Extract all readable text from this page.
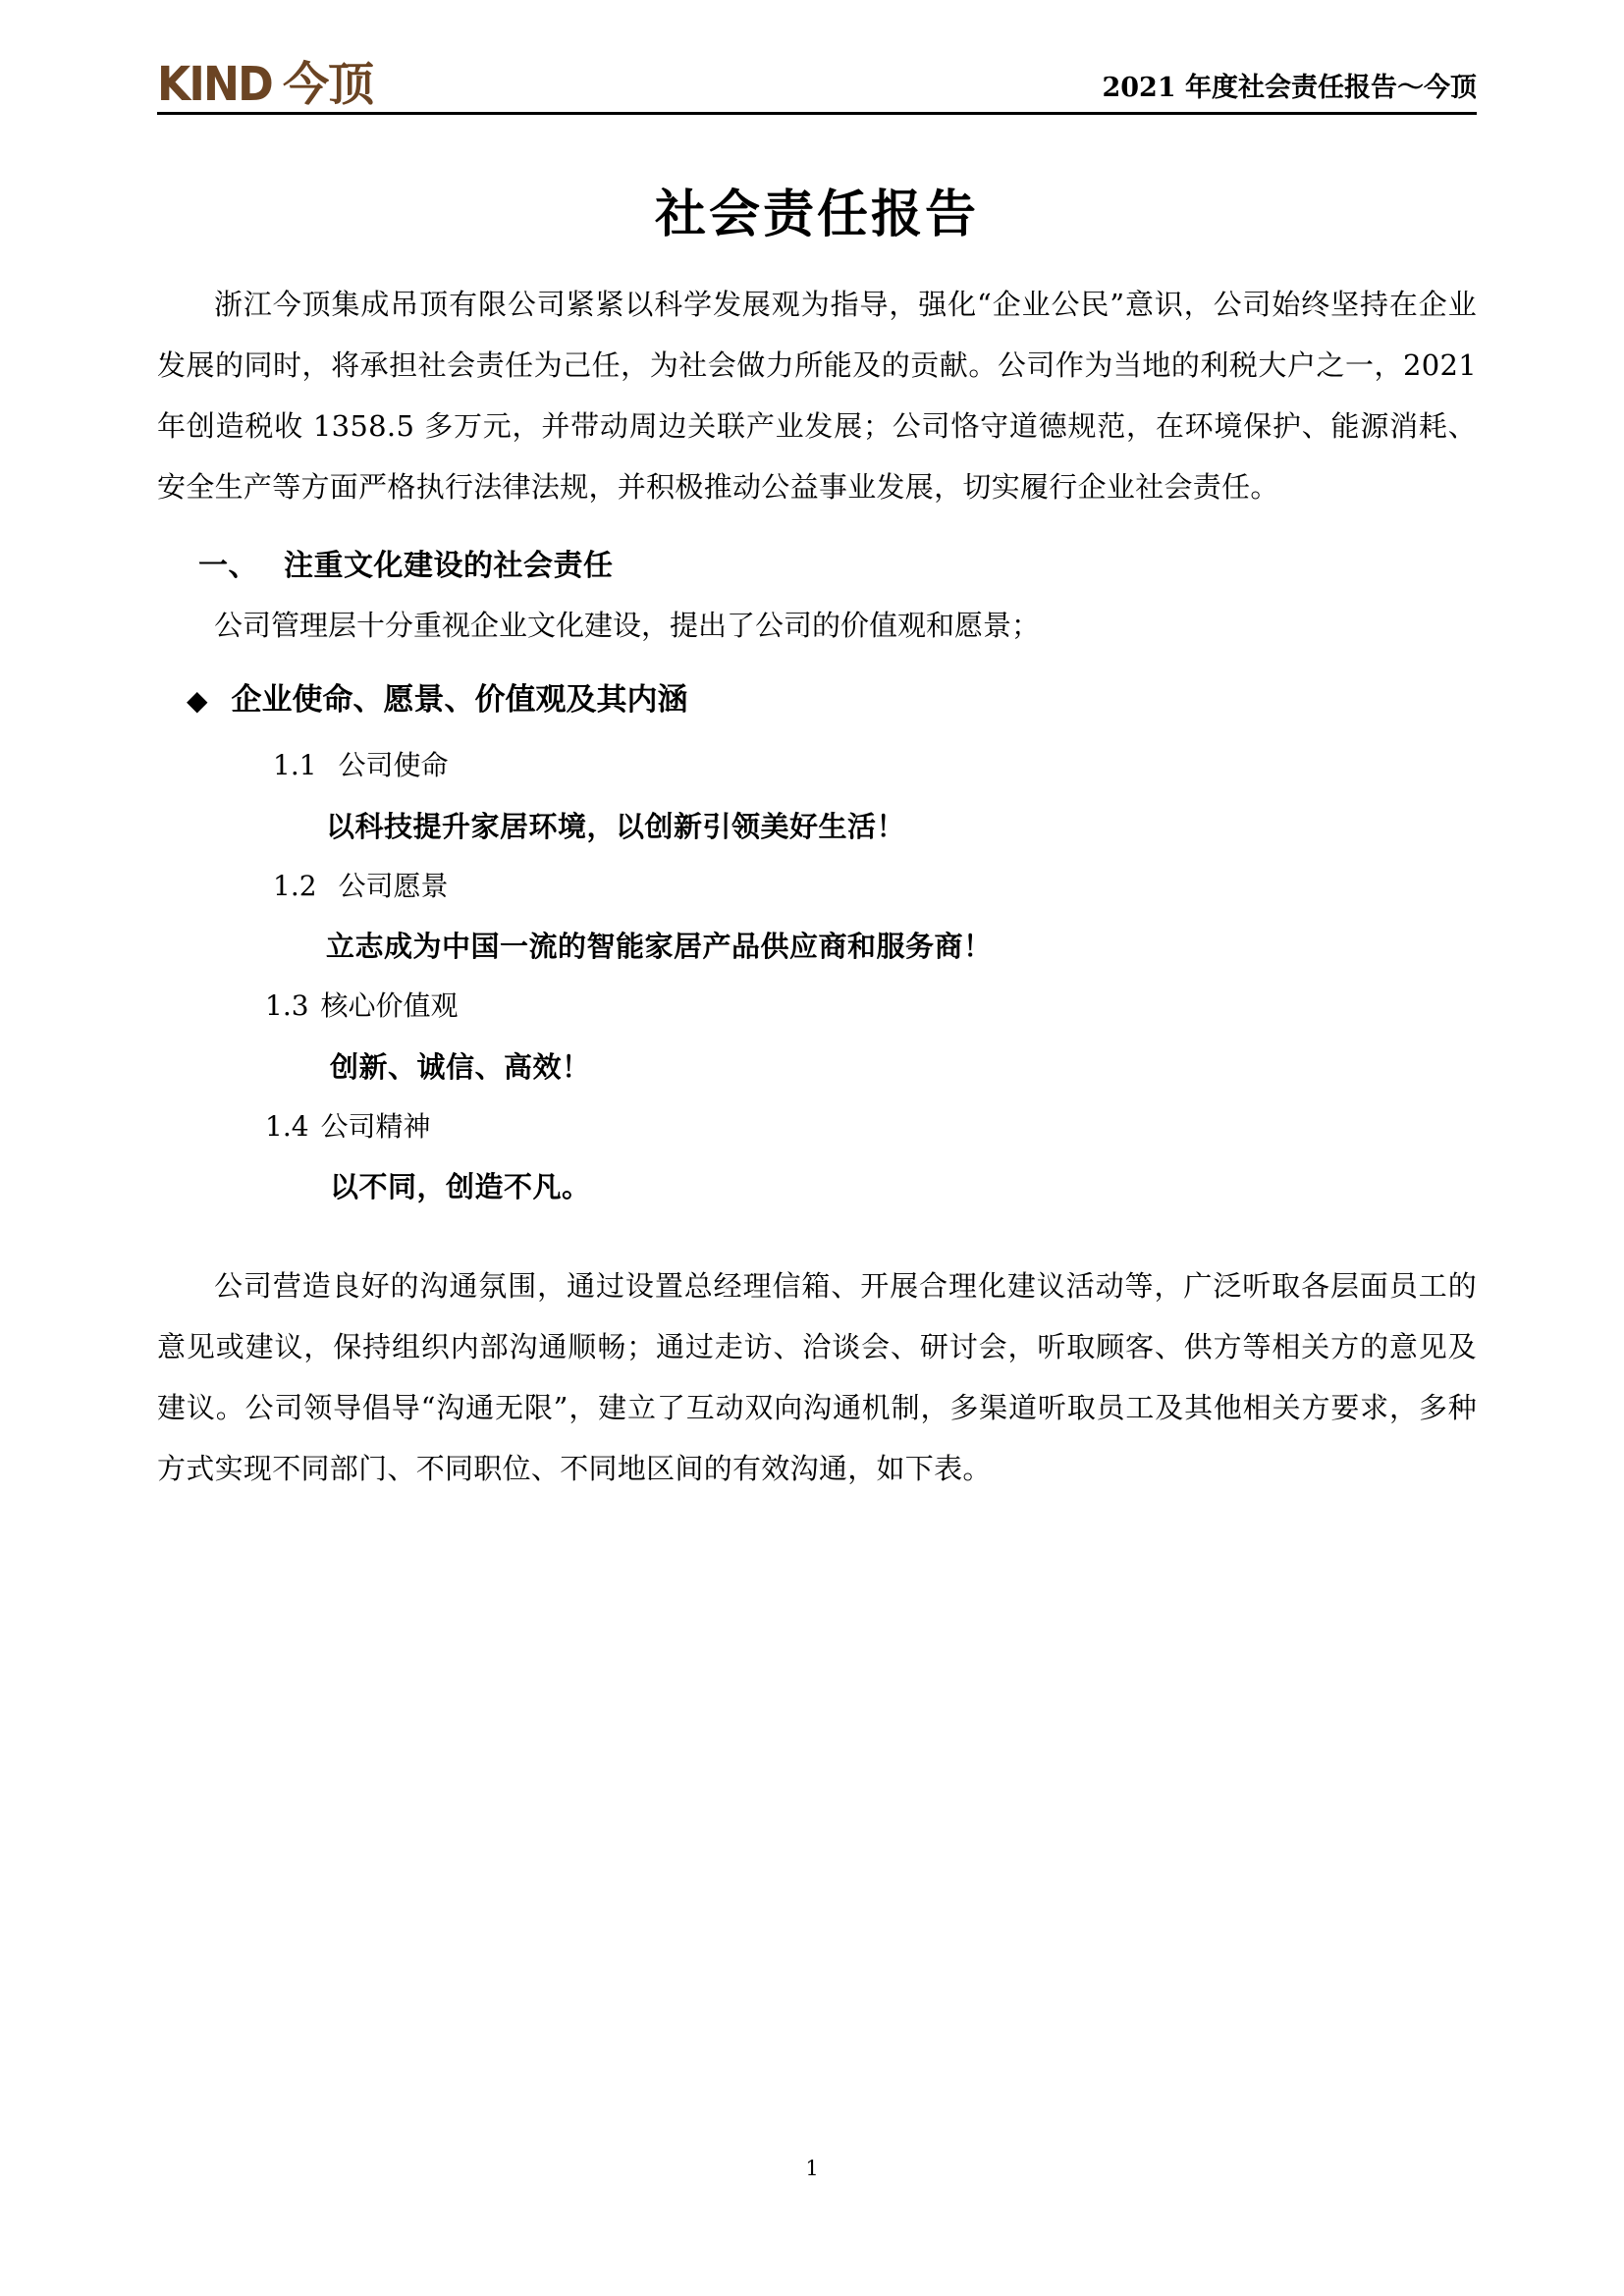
KIND 今顶	2021 年度社会责任报告～今顶
社会责任报告

浙江今顶集成吊顶有限公司紧紧以科学发展观为指导，强化“企业公民”意识，公司始终坚持在企业发展的同时，将承担社会责任为己任，为社会做力所能及的贡献。公司作为当地的利税大户之一，2021 年创造税收 1358.5 多万元，并带动周边关联产业发展；公司恪守道德规范，在环境保护、能源消耗、安全生产等方面严格执行法律法规，并积极推动公益事业发展，切实履行企业社会责任。

一、 注重文化建设的社会责任

公司管理层十分重视企业文化建设，提出了公司的价值观和愿景；

◆ 企业使命、愿景、价值观及其内涵
1.1 公司使命
以科技提升家居环境，以创新引领美好生活！
1.2 公司愿景
立志成为中国一流的智能家居产品供应商和服务商！
1.3 核心价值观
创新、诚信、高效！
1.4 公司精神
以不同，创造不凡。

公司营造良好的沟通氛围，通过设置总经理信箱、开展合理化建议活动等，广泛听取各层面员工的意见或建议，保持组织内部沟通顺畅；通过走访、洽谈会、研讨会，听取顾客、供方等相关方的意见及建议。公司领导倡导“沟通无限”，建立了互动双向沟通机制，多渠道听取员工及其他相关方要求，多种方式实现不同部门、不同职位、不同地区间的有效沟通，如下表。

1
